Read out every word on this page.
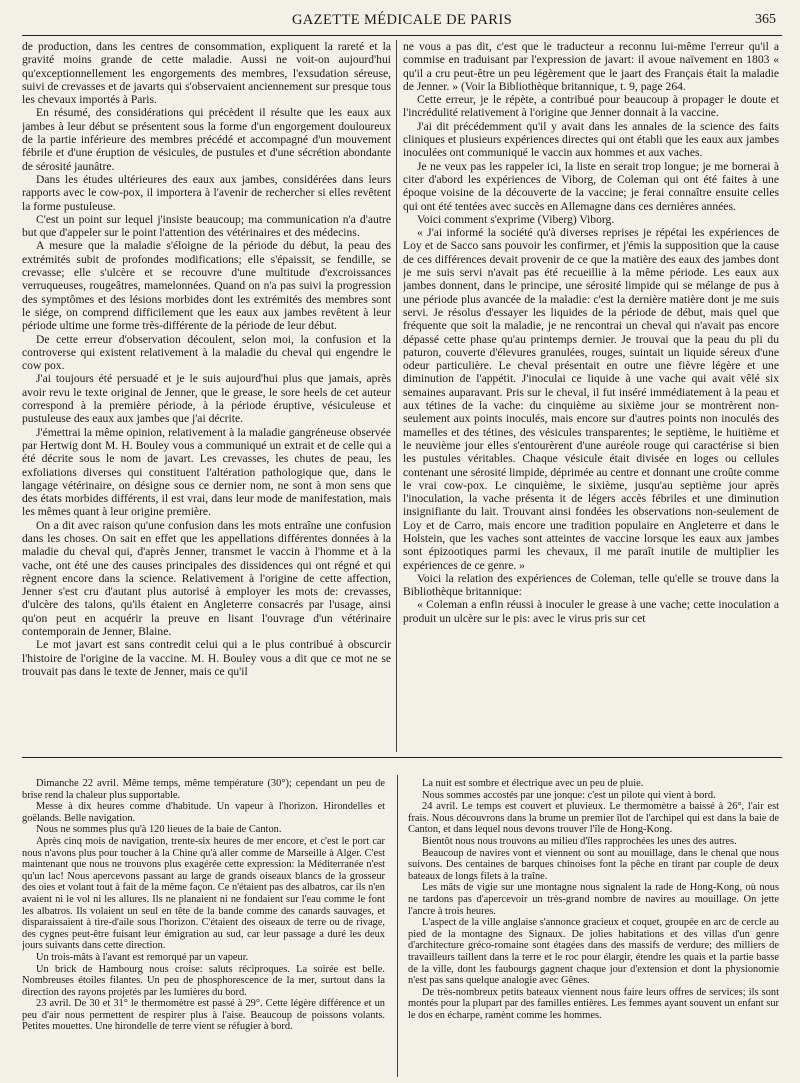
GAZETTE MÉDICALE DE PARIS	365

de production, dans les centres de consommation, expliquent la rareté et la gravité moins grande de cette maladie. Aussi ne voit-on aujourd'hui qu'exceptionnellement les engorgements des membres, l'exsudation séreuse, suivi de crevasses et de javarts qui s'observaient anciennement sur presque tous les chevaux importés à Paris.

En résumé, des considérations qui précèdent il résulte que les eaux aux jambes à leur début se présentent sous la forme d'un engorgement douloureux de la partie inférieure des membres précédé et accompagné d'un mouvement fébrile et d'une éruption de vésicules, de pustules et d'une sécrétion abondante de sérosité jaunâtre.

Dans les études ultérieures des eaux aux jambes, considérées dans leurs rapports avec le cow-pox, il importera à l'avenir de rechercher si elles revêtent la forme pustuleuse.

C'est un point sur lequel j'insiste beaucoup; ma communication n'a d'autre but que d'appeler sur le point l'attention des vétérinaires et des médecins.

A mesure que la maladie s'éloigne de la période du début, la peau des extrémités subit de profondes modifications; elle s'épaissit, se fendille, se crevasse; elle s'ulcère et se recouvre d'une multitude d'excroissances verruqueuses, rougeâtres, mamelonnées. Quand on n'a pas suivi la progression des symptômes et des lésions morbides dont les extrémités des membres sont le siége, on comprend difficilement que les eaux aux jambes revêtent à leur période ultime une forme très-différente de la période de leur début.

De cette erreur d'observation découlent, selon moi, la confusion et la controverse qui existent relativement à la maladie du cheval qui engendre le cow pox.

J'ai toujours été persuadé et je le suis aujourd'hui plus que jamais, après avoir revu le texte original de Jenner, que le grease, le sore heels de cet auteur correspond à la première période, à la période éruptive, vésiculeuse et pustuleuse des eaux aux jambes que j'ai décrite.

J'émettrai la même opinion, relativement à la maladie gangréneuse observée par Hertwig dont M. H. Bouley vous a communiqué un extrait et de celle qui a été décrite sous le nom de javart. Les crevasses, les chutes de peau, les exfoliations diverses qui constituent l'altération pathologique que, dans le langage vétérinaire, on désigne sous ce dernier nom, ne sont à mon sens que des états morbides différents, il est vrai, dans leur mode de manifestation, mais les mêmes quant à leur origine première.

On a dit avec raison qu'une confusion dans les mots entraîne une confusion dans les choses. On sait en effet que les appellations différentes données à la maladie du cheval qui, d'après Jenner, transmet le vaccin à l'homme et à la vache, ont été une des causes principales des dissidences qui ont régné et qui règnent encore dans la science. Relativement à l'origine de cette affection, Jenner s'est cru d'autant plus autorisé à employer les mots de: crevasses, d'ulcère des talons, qu'ils étaient en Angleterre consacrés par l'usage, ainsi qu'on peut en acquérir la preuve en lisant l'ouvrage d'un vétérinaire contemporain de Jenner, Blaine.

Le mot javart est sans contredit celui qui a le plus contribué à obscurcir l'histoire de l'origine de la vaccine. M. H. Bouley vous a dit que ce mot ne se trouvait pas dans le texte de Jenner, mais ce qu'il

ne vous a pas dit, c'est que le traducteur a reconnu lui-même l'erreur qu'il a commise en traduisant par l'expression de javart: il avoue naïvement en 1803 « qu'il a cru peut-être un peu légèrement que le jaart des Français était la maladie de Jenner. » (Voir la Bibliothèque britannique, t. 9, page 264.

Cette erreur, je le répète, a contribué pour beaucoup à propager le doute et l'incrédulité relativement à l'origine que Jenner donnait à la vaccine.

J'ai dit précédemment qu'il y avait dans les annales de la science des faits cliniques et plusieurs expériences directes qui ont établi que les eaux aux jambes inoculées ont communiqué le vaccin aux hommes et aux vaches.

Je ne veux pas les rappeler ici, la liste en serait trop longue; je me bornerai à citer d'abord les expériences de Viborg, de Coleman qui ont été faites à une époque voisine de la découverte de la vaccine; je ferai connaître ensuite celles qui ont été tentées avec succès en Allemagne dans ces dernières années.

Voici comment s'exprime (Viberg) Viborg.

« J'ai informé la société qu'à diverses reprises je répétai les expériences de Loy et de Sacco sans pouvoir les confirmer, et j'émis la supposition que la cause de ces différences devait provenir de ce que la matière des eaux des jambes dont je me suis servi n'avait pas été recueillie à la même période. Les eaux aux jambes donnent, dans le principe, une sérosité limpide qui se mélange de pus à une période plus avancée de la maladie: c'est la dernière matière dont je me suis servi. Je résolus d'essayer les liquides de la période de début, mais quel que fréquente que soit la maladie, je ne rencontrai un cheval qui n'avait pas encore dépassé cette phase qu'au printemps dernier. Je trouvai que la peau du pli du paturon, couverte d'élevures granulées, rouges, suintait un liquide séreux d'une odeur particulière. Le cheval présentait en outre une fièvre légère et une diminution de l'appétit. J'inoculai ce liquide à une vache qui avait vêlé six semaines auparavant. Pris sur le cheval, il fut inséré immédiatement à la peau et aux tétines de la vache: du cinquième au sixième jour se montrèrent non-seulement aux points inoculés, mais encore sur d'autres points non inoculés des mamelles et des tétines, des vésicules transparentes; le septième, le huitième et le neuvième jour elles s'entourèrent d'une auréole rouge qui caractérise si bien les pustules véritables. Chaque vésicule était divisée en loges ou cellules contenant une sérosité limpide, déprimée au centre et donnant une croûte comme le vrai cow-pox. Le cinquième, le sixième, jusqu'au septième jour après l'inoculation, la vache présenta it de légers accès fébriles et une diminution insignifiante du lait. Trouvant ainsi fondées les observations non-seulement de Loy et de Carro, mais encore une tradition populaire en Angleterre et dans le Holstein, que les vaches sont atteintes de vaccine lorsque les eaux aux jambes sont épizootiques parmi les chevaux, il me paraît inutile de multiplier les expériences de ce genre. »

Voici la relation des expériences de Coleman, telle qu'elle se trouve dans la Bibliothèque britannique:

« Coleman a enfin réussi à inoculer le grease à une vache; cette inoculation a produit un ulcère sur le pis: avec le virus pris sur cet

Dimanche 22 avril. Même temps, même température (30°); cependant un peu de brise rend la chaleur plus supportable.

Messe à dix heures comme d'habitude. Un vapeur à l'horizon. Hirondelles et goëlands. Belle navigation.

Nous ne sommes plus qu'à 120 lieues de la baie de Canton.

Après cinq mois de navigation, trente-six heures de mer encore, et c'est le port car nous n'avons plus pour toucher à la Chine qu'à aller comme de Marseille à Alger. C'est maintenant que nous ne trouvons plus exagérée cette expression: la Méditerranée n'est qu'un lac! Nous apercevons passant au large de grands oiseaux blancs de la grosseur des oies et volant tout à fait de la même façon. Ce n'étaient pas des albatros, car ils n'en avaient ni le vol ni les allures. Ils ne planaient ni ne fondaient sur l'eau comme le font les albatros. Ils volaient un seul en tête de la bande comme des canards sauvages, et disparaissaient à tire-d'aile sous l'horizon. C'étaient des oiseaux de terre ou de rivage, des cygnes peut-être fuisant leur émigration au sud, car leur passage a duré les deux jours suivants dans cette direction.

Un trois-mâts à l'avant est remorqué par un vapeur.

Un brick de Hambourg nous croise: saluts réciproques. La soirée est belle. Nombreuses étoiles filantes. Un peu de phosphorescence de la mer, surtout dans la direction des rayons projetés par les lumières du bord.

23 avril. De 30 et 31° le thermomètre est passé à 29°. Cette légère différence et un peu d'air nous permettent de respirer plus à l'aise. Beaucoup de poissons volants. Petites mouettes. Une hirondelle de terre vient se réfugier à bord.

La nuit est sombre et électrique avec un peu de pluie.

Nous sommes accostés par une jonque: c'est un pilote qui vient à bord.

24 avril. Le temps est couvert et pluvieux. Le thermomètre a baissé à 26°, l'air est frais. Nous découvrons dans la brume un premier îlot de l'archipel qui est dans la baie de Canton, et dans lequel nous devons trouver l'île de Hong-Kong.

Bientôt nous nous trouvons au milieu d'îles rapprochées les unes des autres.

Beaucoup de navires vont et viennent ou sont au mouillage, dans le chenal que nous suivons. Des centaines de barques chinoises font la pêche en tirant par couple de deux bateaux de longs filets à la traîne.

Les mâts de vigie sur une montagne nous signalent la rade de Hong-Kong, où nous ne tardons pas d'apercevoir un très-grand nombre de navires au mouillage. On jette l'ancre à trois heures.

L'aspect de la ville anglaise s'annonce gracieux et coquet, groupée en arc de cercle au pied de la montagne des Signaux. De jolies habitations et des villas d'un genre d'architecture gréco-romaine sont étagées dans des massifs de verdure; des milliers de travailleurs taillent dans la terre et le roc pour élargir, étendre les quais et la partie basse de la ville, dont les faubourgs gagnent chaque jour d'extension et dont la physionomie n'est pas sans quelque analogie avec Gênes.

De très-nombreux petits bateaux viennent nous faire leurs offres de services; ils sont montés pour la plupart par des familles entières. Les femmes ayant souvent un enfant sur le dos en écharpe, ramènt comme les hommes.
